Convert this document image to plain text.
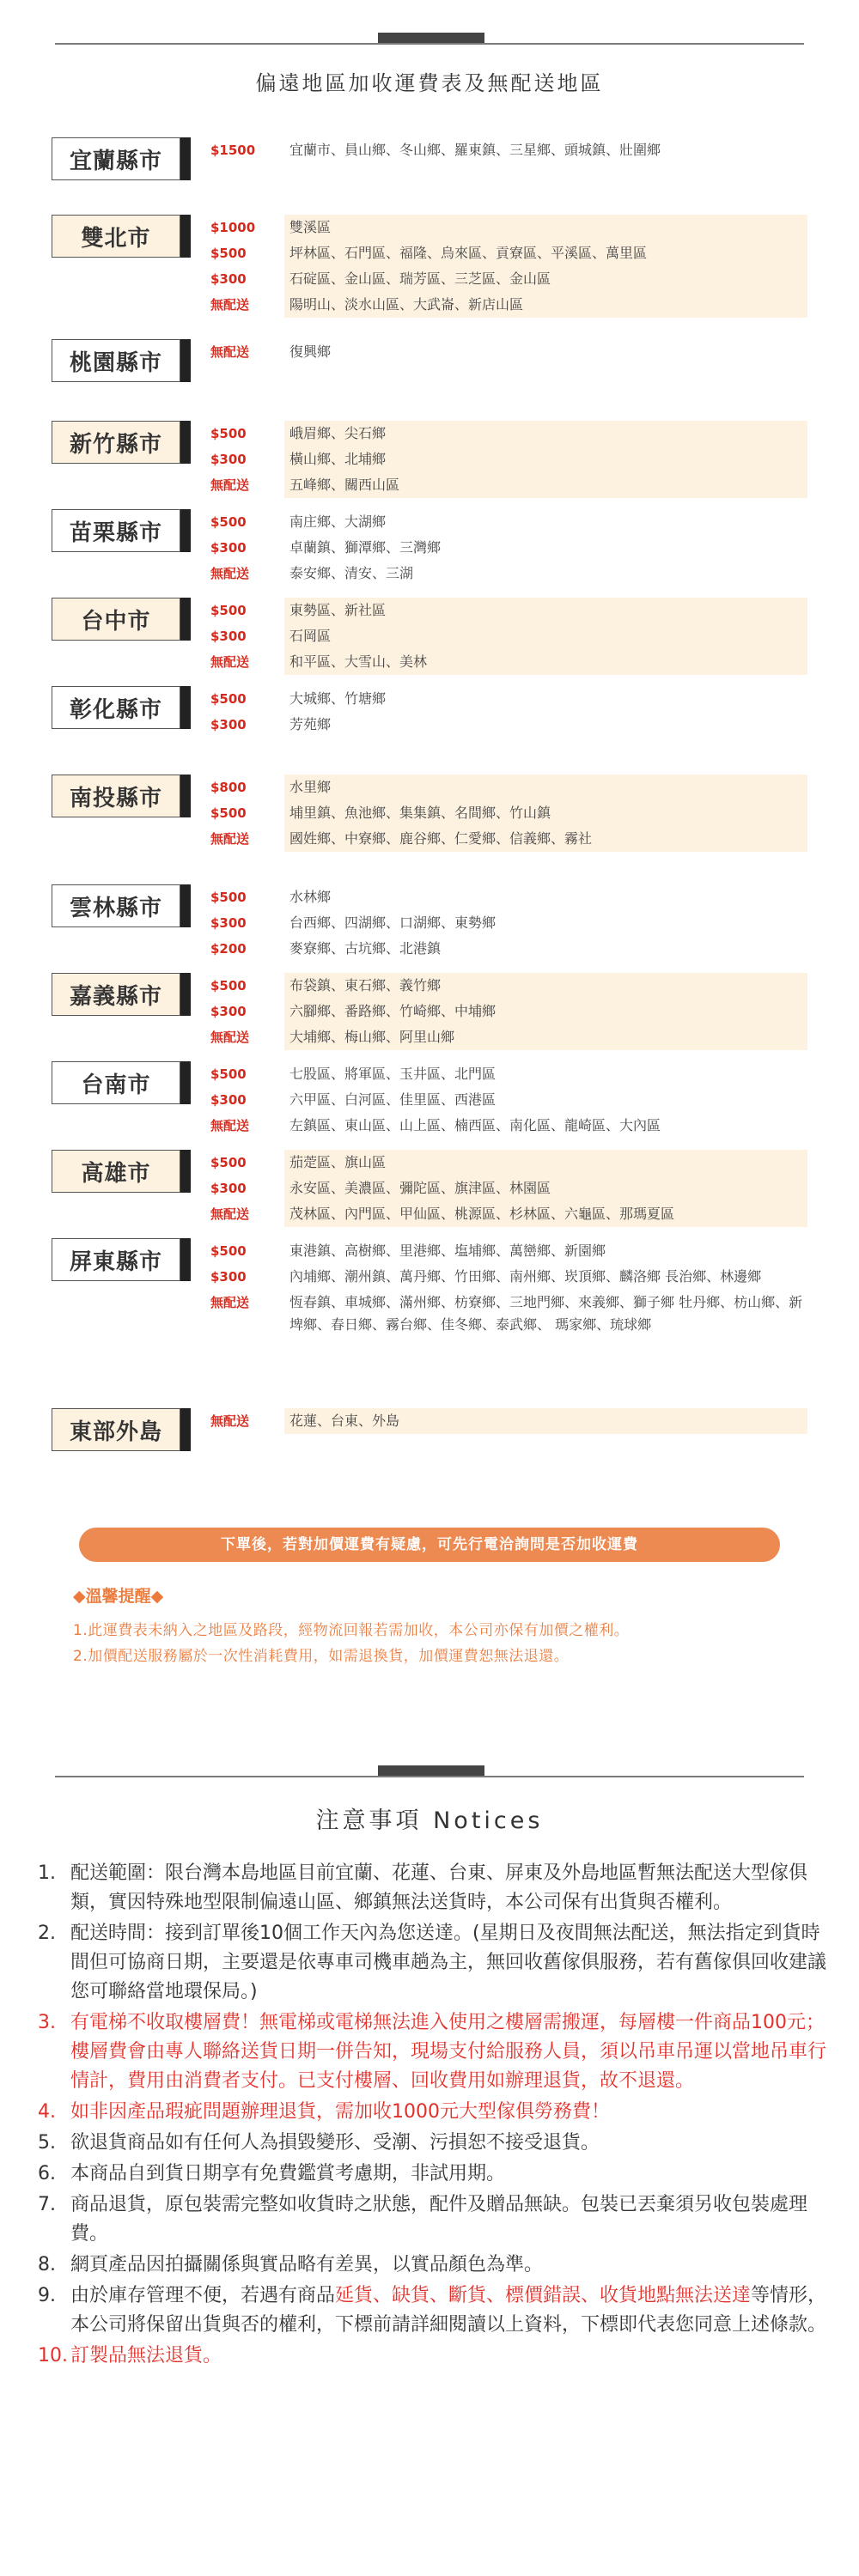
偏遠地區加收運費表及無配送地區
宜蘭縣市	$1500	宜蘭市、員山鄉、冬山鄉、羅東鎮、三星鄉、頭城鎮、壯圍鄉
雙北市	$1000	雙溪區
$500	坪林區、石門區、福隆、烏來區、貢寮區、平溪區、萬里區
$300	石碇區、金山區、瑞芳區、三芝區、金山區
無配送	陽明山、淡水山區、大武崙、新店山區
桃園縣市	無配送	復興鄉
新竹縣市	$500	峨眉鄉、尖石鄉
$300	橫山鄉、北埔鄉
無配送	五峰鄉、關西山區
苗栗縣市	$500	南庄鄉、大湖鄉
$300	卓蘭鎮、獅潭鄉、三灣鄉
無配送	泰安鄉、清安、三湖
台中市	$500	東勢區、新社區
$300	石岡區
無配送	和平區、大雪山、美林
彰化縣市	$500	大城鄉、竹塘鄉
$300	芳苑鄉
南投縣市	$800	水里鄉
$500	埔里鎮、魚池鄉、集集鎮、名間鄉、竹山鎮
無配送	國姓鄉、中寮鄉、鹿谷鄉、仁愛鄉、信義鄉、霧社
雲林縣市	$500	水林鄉
$300	台西鄉、四湖鄉、口湖鄉、東勢鄉
$200	麥寮鄉、古坑鄉、北港鎮
嘉義縣市	$500	布袋鎮、東石鄉、義竹鄉
$300	六腳鄉、番路鄉、竹崎鄉、中埔鄉
無配送	大埔鄉、梅山鄉、阿里山鄉
台南市	$500	七股區、將軍區、玉井區、北門區
$300	六甲區、白河區、佳里區、西港區
無配送	左鎮區、東山區、山上區、楠西區、南化區、龍崎區、大內區
高雄市	$500	茄萣區、旗山區
$300	永安區、美濃區、彌陀區、旗津區、林園區
無配送	茂林區、內門區、甲仙區、桃源區、杉林區、六龜區、那瑪夏區
屏東縣市	$500	東港鎮、高樹鄉、里港鄉、塩埔鄉、萬巒鄉、新園鄉
$300	內埔鄉、潮州鎮、萬丹鄉、竹田鄉、南州鄉、崁頂鄉、麟洛鄉 長治鄉、林邊鄉
無配送	恆春鎮、車城鄉、滿州鄉、枋寮鄉、三地門鄉、來義鄉、獅子鄉 牡丹鄉、枋山鄉、新埤鄉、春日鄉、霧台鄉、佳冬鄉、泰武鄉、 瑪家鄉、琉球鄉
東部外島	無配送	花蓮、台東、外島
下單後，若對加價運費有疑慮，可先行電洽詢問是否加收運費
◆溫馨提醒◆
1.此運費表未納入之地區及路段，經物流回報若需加收，本公司亦保有加價之權利。
2.加價配送服務屬於一次性消耗費用，如需退換貨，加價運費恕無法退還。
注意事項 Notices
1. 配送範圍：限台灣本島地區目前宜蘭、花蓮、台東、屏東及外島地區暫無法配送大型傢俱類，實因特殊地型限制偏遠山區、鄉鎮無法送貨時，本公司保有出貨與否權利。
2. 配送時間：接到訂單後10個工作天內為您送達。(星期日及夜間無法配送，無法指定到貨時間但可協商日期，主要還是依專車司機車趟為主，無回收舊傢俱服務，若有舊傢俱回收建議您可聯絡當地環保局。)
3. 有電梯不收取樓層費！無電梯或電梯無法進入使用之樓層需搬運，每層樓一件商品100元；樓層費會由專人聯絡送貨日期一併告知，現場支付給服務人員，須以吊車吊運以當地吊車行情計，費用由消費者支付。已支付樓層、回收費用如辦理退貨，故不退還。
4. 如非因產品瑕疵問題辦理退貨，需加收1000元大型傢俱勞務費！
5. 欲退貨商品如有任何人為損毀變形、受潮、污損恕不接受退貨。
6. 本商品自到貨日期享有免費鑑賞考慮期，非試用期。
7. 商品退貨，原包裝需完整如收貨時之狀態，配件及贈品無缺。包裝已丟棄須另收包裝處理費。
8. 網頁產品因拍攝關係與實品略有差異，以實品顏色為準。
9. 由於庫存管理不便，若遇有商品延貨、缺貨、斷貨、標價錯誤、收貨地點無法送達等情形，本公司將保留出貨與否的權利，下標前請詳細閱讀以上資料，下標即代表您同意上述條款。
10. 訂製品無法退貨。
